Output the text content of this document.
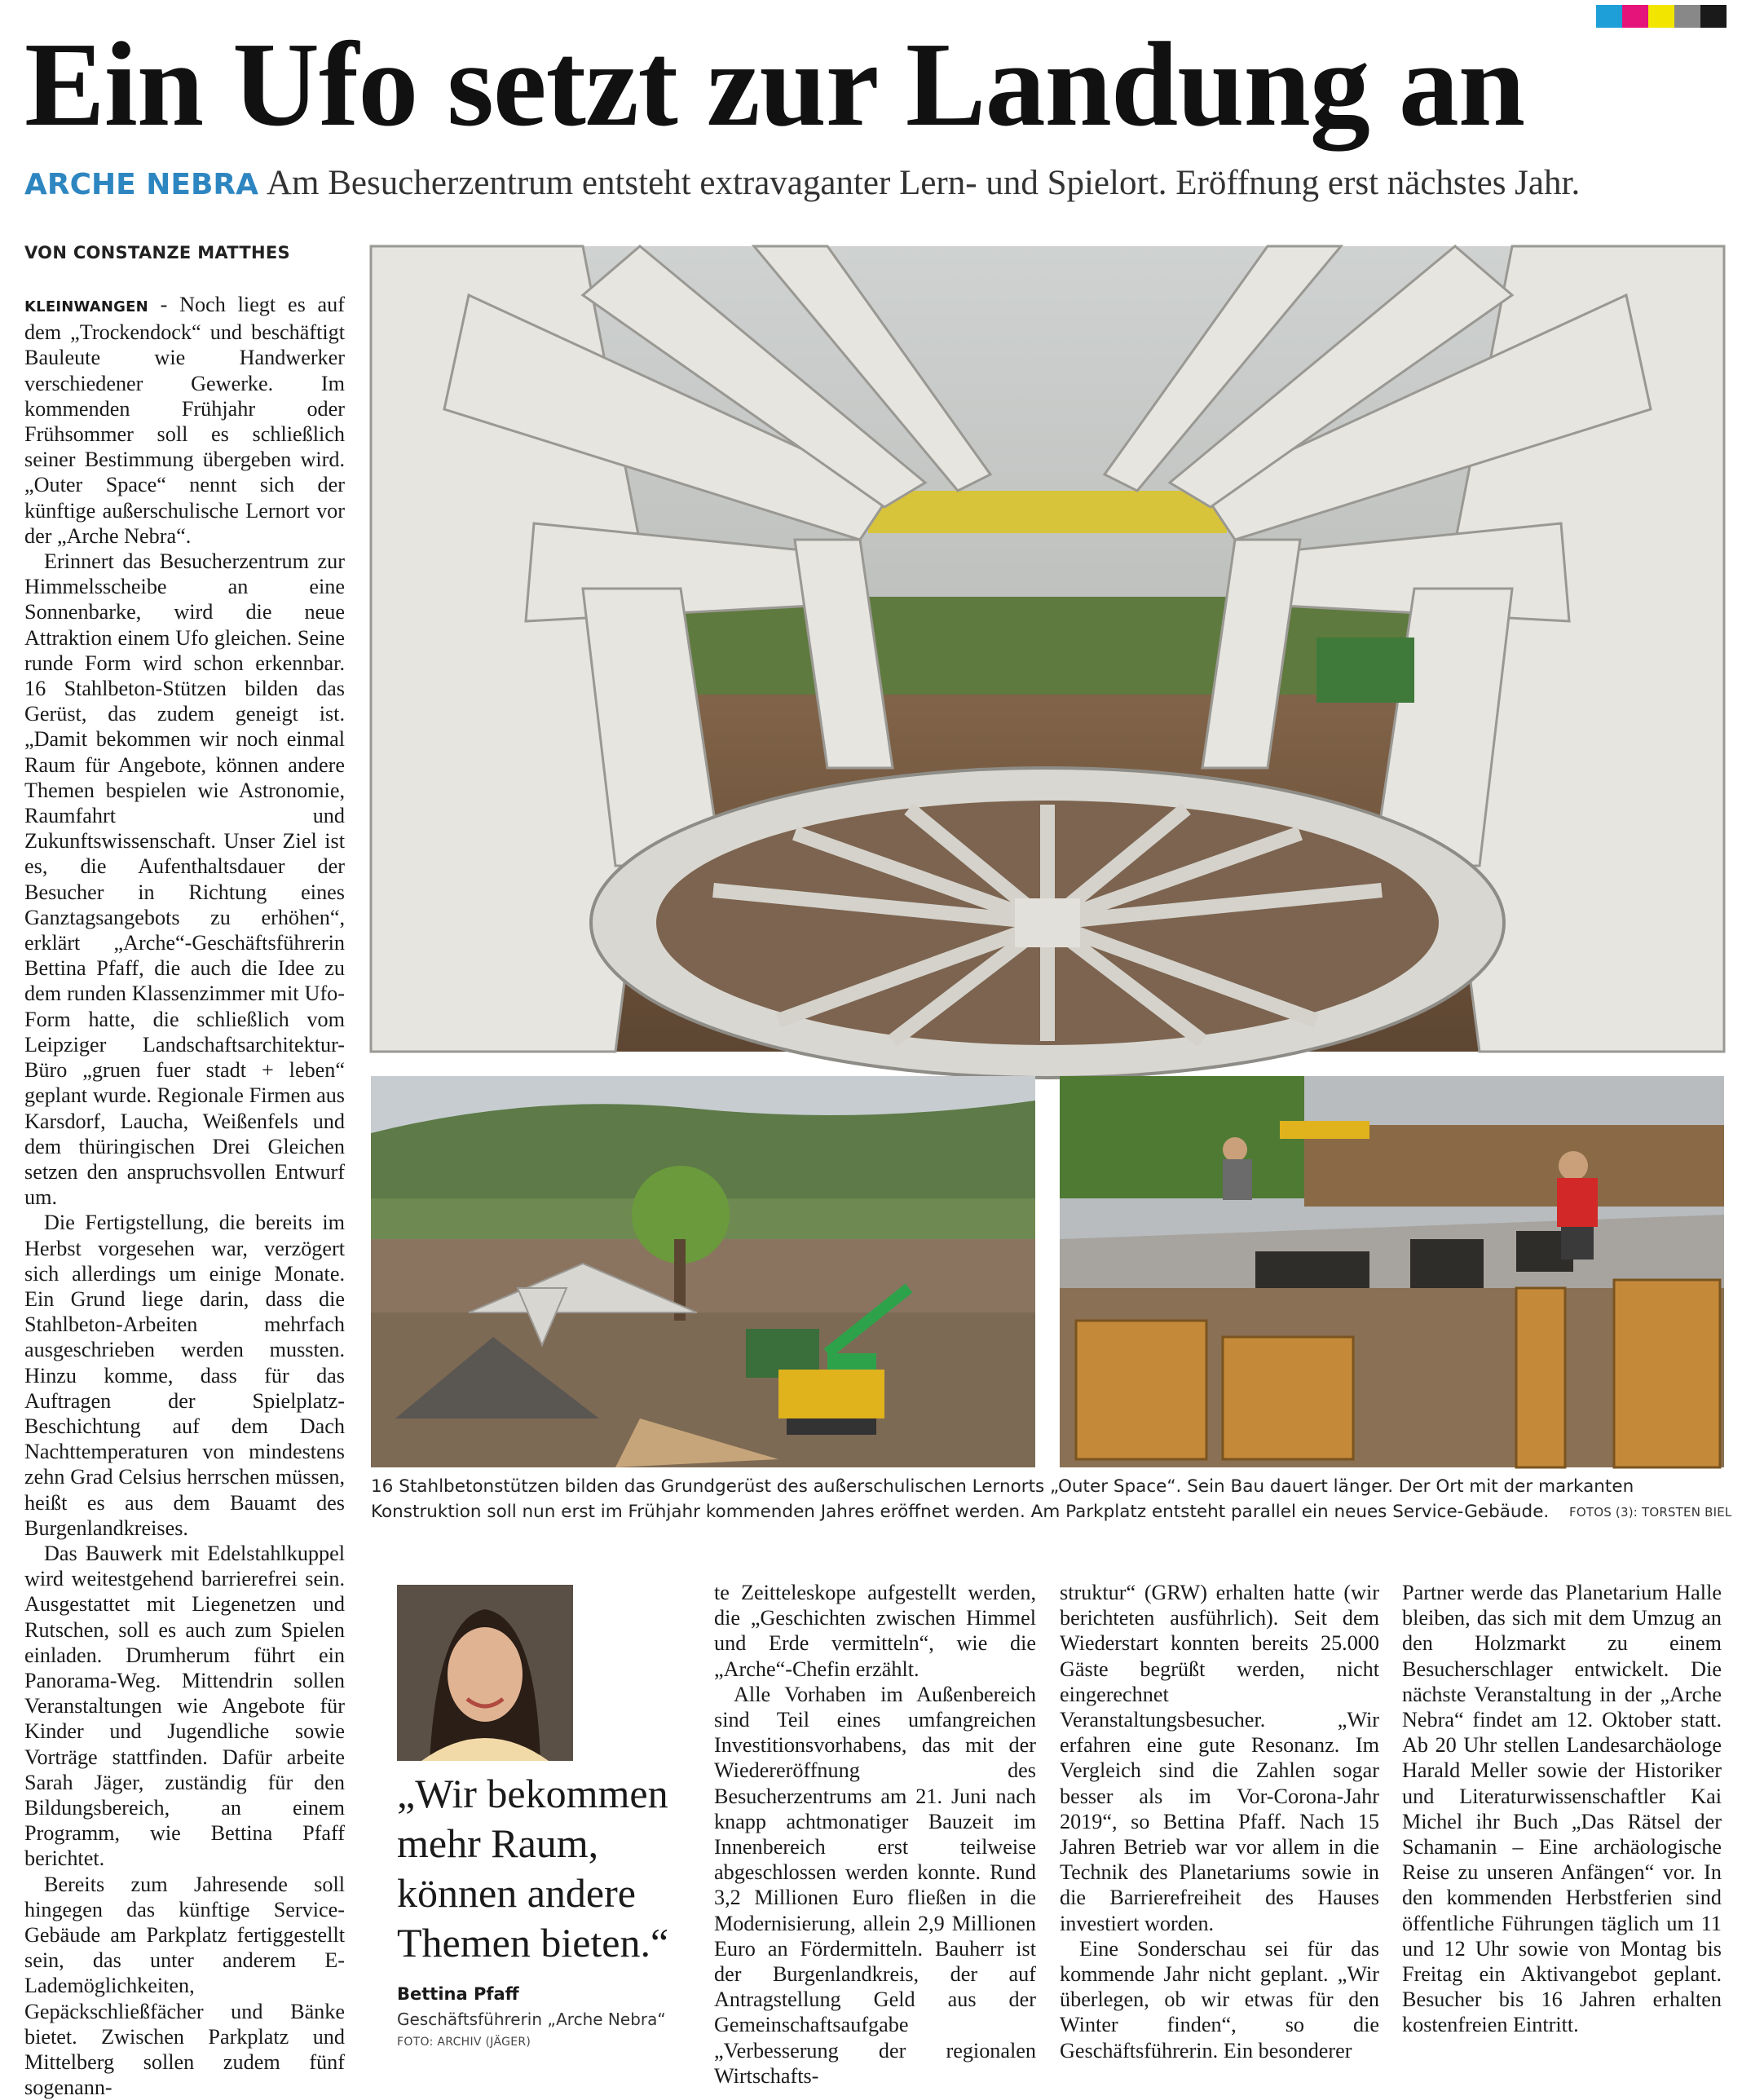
Ein Ufo setzt zur Landung an
ARCHE NEBRA Am Besucherzentrum entsteht extravaganter Lern- und Spielort. Eröffnung erst nächstes Jahr.
VON CONSTANZE MATTHES

KLEINWANGEN - Noch liegt es auf dem „Trockendock“ und beschäftigt Bauleute wie Handwerker verschiedener Gewerke. Im kommenden Frühjahr oder Frühsommer soll es schließlich seiner Bestimmung übergeben wird. „Outer Space“ nennt sich der künftige außerschulische Lernort vor der „Arche Nebra“.

Erinnert das Besucherzentrum zur Himmelsscheibe an eine Sonnenbarke, wird die neue Attraktion einem Ufo gleichen. Seine runde Form wird schon erkennbar. 16 Stahlbeton-Stützen bilden das Gerüst, das zudem geneigt ist. „Damit bekommen wir noch einmal Raum für Angebote, können andere Themen bespielen wie Astronomie, Raumfahrt und Zukunftswissenschaft. Unser Ziel ist es, die Aufenthaltsdauer der Besucher in Richtung eines Ganztagsangebots zu erhöhen“, erklärt „Arche“-Geschäftsführerin Bettina Pfaff, die auch die Idee zu dem runden Klassenzimmer mit Ufo-Form hatte, die schließlich vom Leipziger Landschaftsarchitektur-Büro „gruen fuer stadt + leben“ geplant wurde. Regionale Firmen aus Karsdorf, Laucha, Weißenfels und dem thüringischen Drei Gleichen setzen den anspruchsvollen Entwurf um.

Die Fertigstellung, die bereits im Herbst vorgesehen war, verzögert sich allerdings um einige Monate. Ein Grund liege darin, dass die Stahlbeton-Arbeiten mehrfach ausgeschrieben werden mussten. Hinzu komme, dass für das Auftragen der Spielplatz-Beschichtung auf dem Dach Nachttemperaturen von mindestens zehn Grad Celsius herrschen müssen, heißt es aus dem Bauamt des Burgenlandkreises.

Das Bauwerk mit Edelstahlkuppel wird weitestgehend barrierefrei sein. Ausgestattet mit Liegenetzen und Rutschen, soll es auch zum Spielen einladen. Drumherum führt ein Panorama-Weg. Mittendrin sollen Veranstaltungen wie Angebote für Kinder und Jugendliche sowie Vorträge stattfinden. Dafür arbeite Sarah Jäger, zuständig für den Bildungsbereich, an einem Programm, wie Bettina Pfaff berichtet.

Bereits zum Jahresende soll hingegen das künftige Service-Gebäude am Parkplatz fertiggestellt sein, das unter anderem E-Lademöglichkeiten, Gepäckschließfächer und Bänke bietet. Zwischen Parkplatz und Mittelberg sollen zudem fünf sogenann-

16 Stahlbetonstützen bilden das Grundgerüst des außerschulischen Lernorts „Outer Space“. Sein Bau dauert länger. Der Ort mit der markanten Konstruktion soll nun erst im Frühjahr kommenden Jahres eröffnet werden. Am Parkplatz entsteht parallel ein neues Service-Gebäude.	FOTOS (3): TORSTEN BIEL
„Wir bekommen mehr Raum, können andere Themen bieten.“
Bettina Pfaff
Geschäftsführerin „Arche Nebra“
FOTO: ARCHIV (JÄGER)

te Zeitteleskope aufgestellt werden, die „Geschichten zwischen Himmel und Erde vermitteln“, wie die „Arche“-Chefin erzählt.

Alle Vorhaben im Außenbereich sind Teil eines umfangreichen Investitionsvorhabens, das mit der Wiedereröffnung des Besucherzentrums am 21. Juni nach knapp achtmonatiger Bauzeit im Innenbereich erst teilweise abgeschlossen werden konnte. Rund 3,2 Millionen Euro fließen in die Modernisierung, allein 2,9 Millionen Euro an Fördermitteln. Bauherr ist der Burgenlandkreis, der auf Antragstellung Geld aus der Gemeinschaftsaufgabe „Verbesserung der regionalen Wirtschafts-

struktur“ (GRW) erhalten hatte (wir berichteten ausführlich). Seit dem Wiederstart konnten bereits 25.000 Gäste begrüßt werden, nicht eingerechnet Veranstaltungsbesucher. „Wir erfahren eine gute Resonanz. Im Vergleich sind die Zahlen sogar besser als im Vor-Corona-Jahr 2019“, so Bettina Pfaff. Nach 15 Jahren Betrieb war vor allem in die Technik des Planetariums sowie in die Barrierefreiheit des Hauses investiert worden.

Eine Sonderschau sei für das kommende Jahr nicht geplant. „Wir überlegen, ob wir etwas für den Winter finden“, so die Geschäftsführerin. Ein besonderer

Partner werde das Planetarium Halle bleiben, das sich mit dem Umzug an den Holzmarkt zu einem Besucherschlager entwickelt. Die nächste Veranstaltung in der „Arche Nebra“ findet am 12. Oktober statt. Ab 20 Uhr stellen Landesarchäologe Harald Meller sowie der Historiker und Literaturwissenschaftler Kai Michel ihr Buch „Das Rätsel der Schamanin – Eine archäologische Reise zu unseren Anfängen“ vor. In den kommenden Herbstferien sind öffentliche Führungen täglich um 11 und 12 Uhr sowie von Montag bis Freitag ein Aktivangebot geplant. Besucher bis 16 Jahren erhalten kostenfreien Eintritt.
